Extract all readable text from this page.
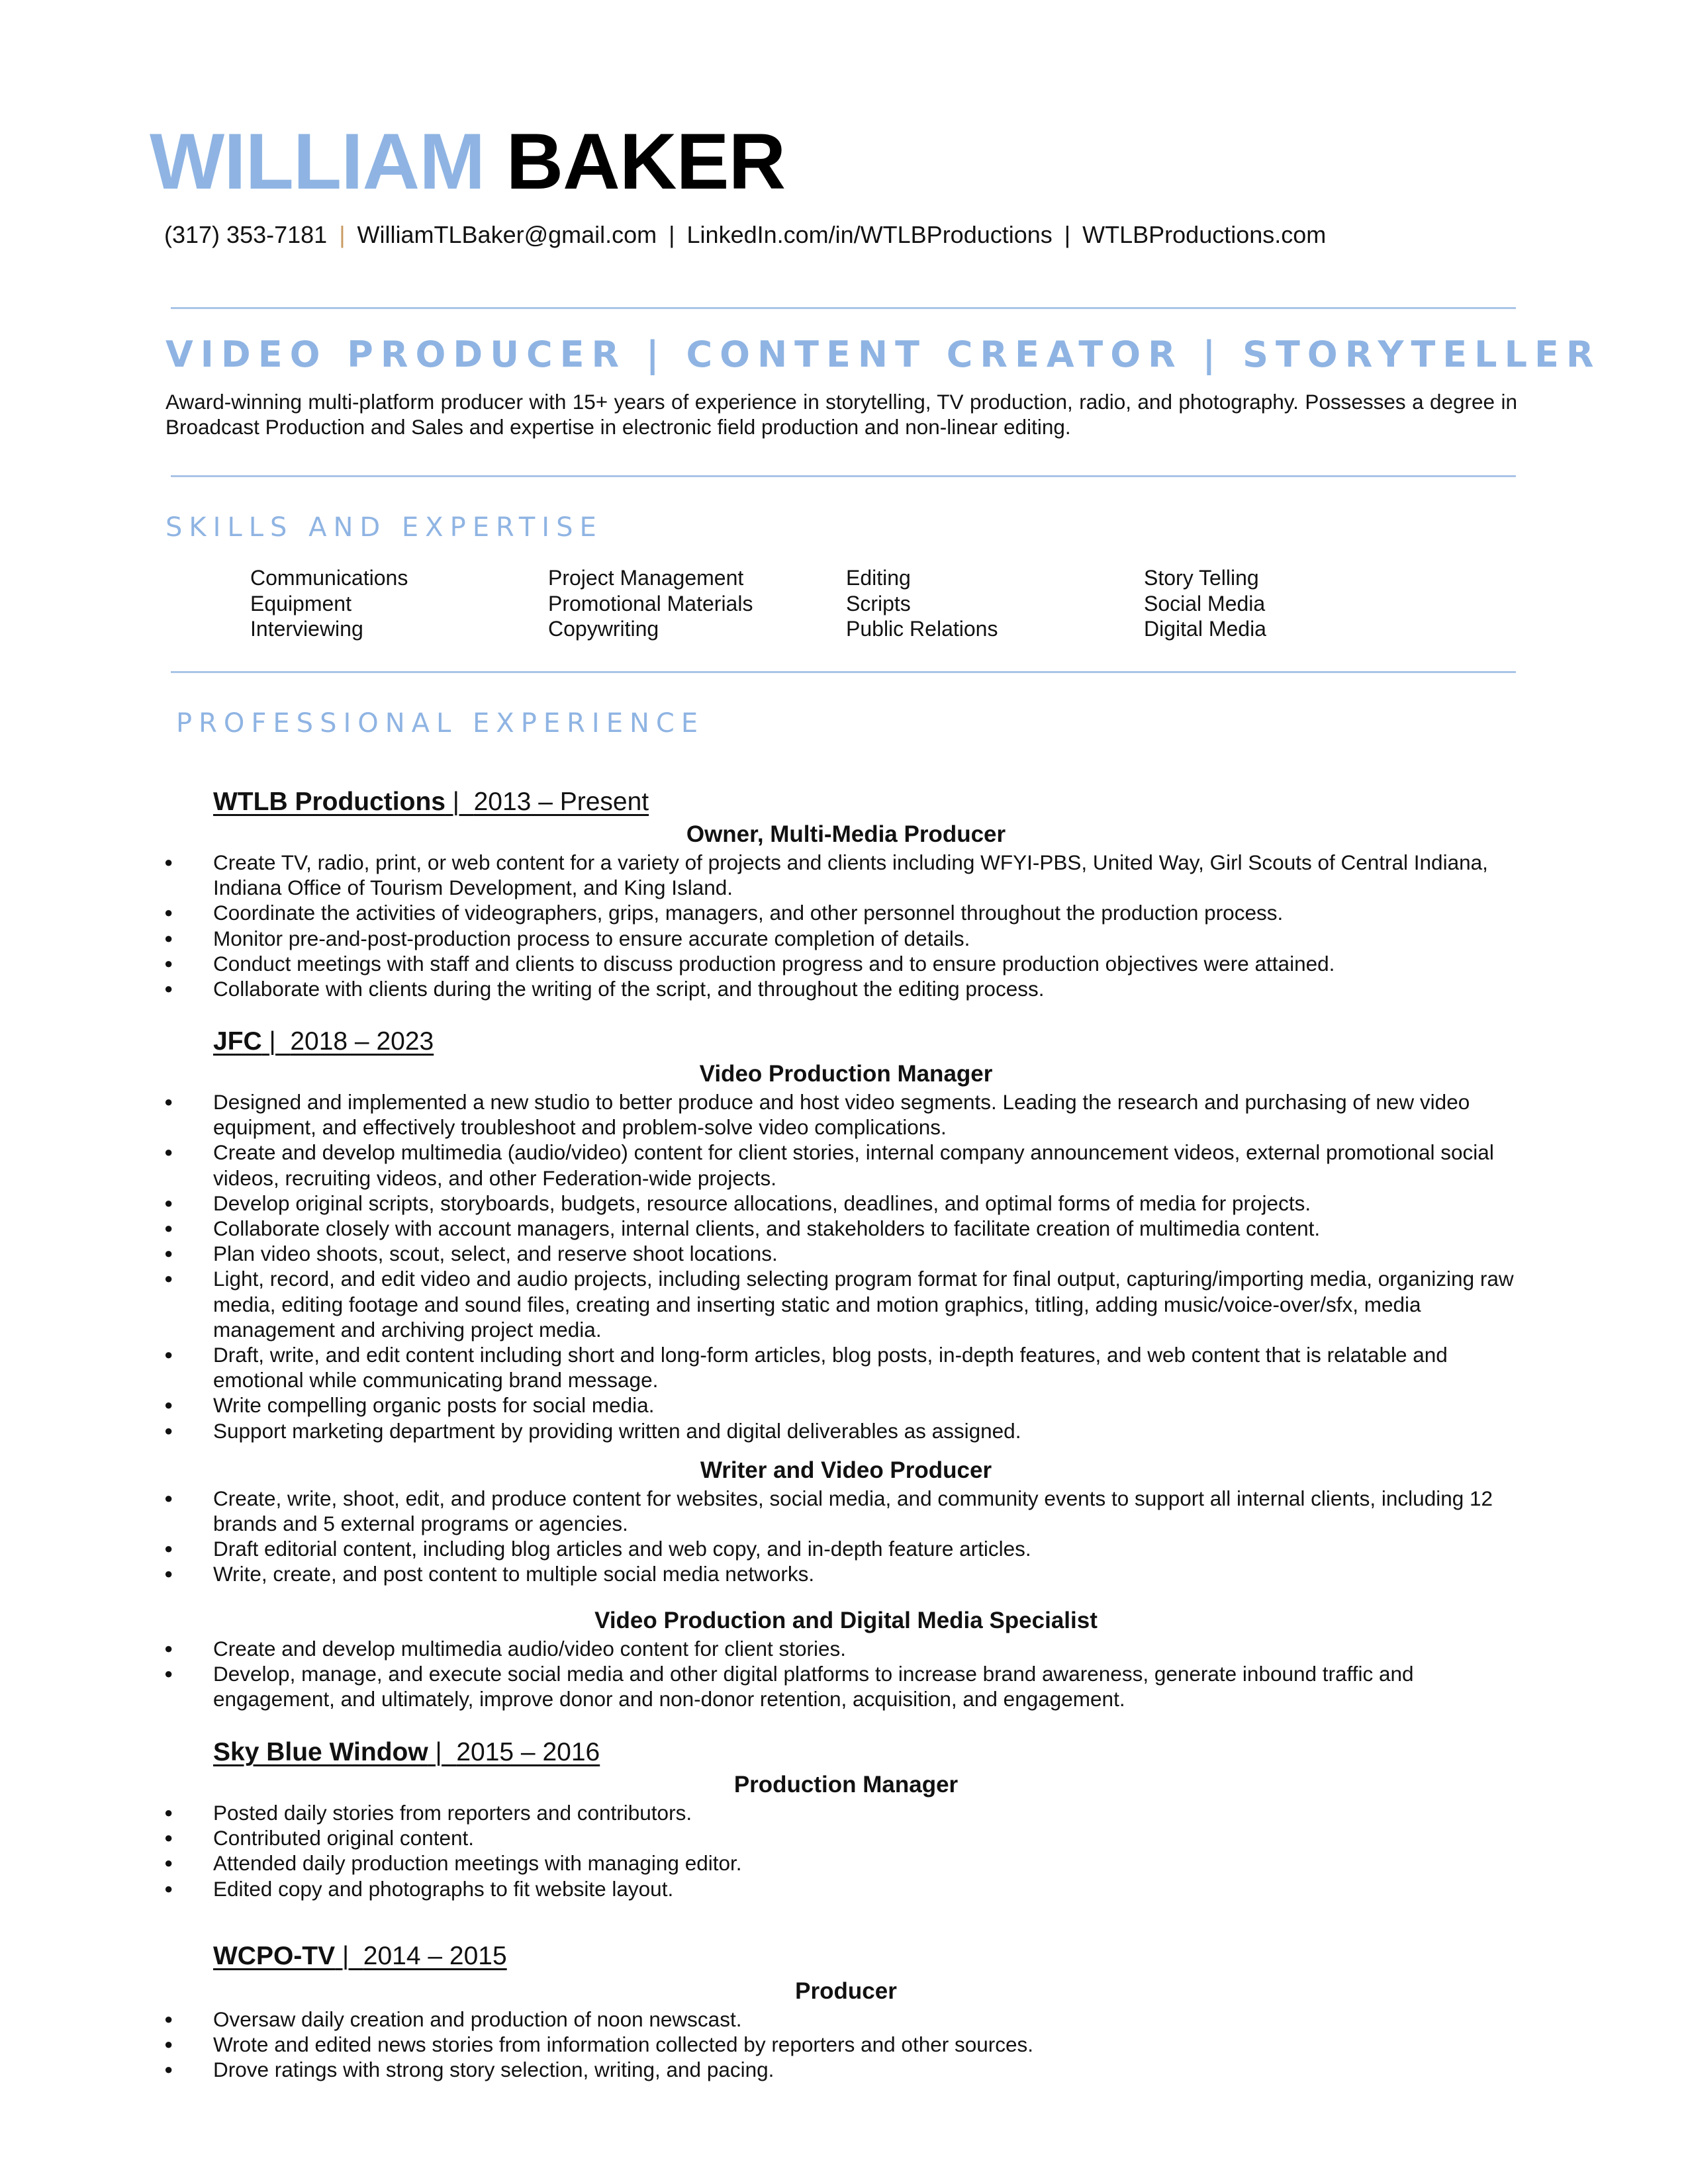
WILLIAM BAKER
(317) 353-7181 | WilliamTLBaker@gmail.com | LinkedIn.com/in/WTLBProductions | WTLBProductions.com
VIDEO PRODUCER | CONTENT CREATOR | STORYTELLER
Award-winning multi-platform producer with 15+ years of experience in storytelling, TV production, radio, and photography. Possesses a degree in Broadcast Production and Sales and expertise in electronic field production and non-linear editing.
SKILLS AND EXPERTISE
Communications
Equipment
Interviewing
Project Management
Promotional Materials
Copywriting
Editing
Scripts
Public Relations
Story Telling
Social Media
Digital Media
PROFESSIONAL EXPERIENCE
WTLB Productions |  2013 – Present
Owner, Multi-Media Producer
● Create TV, radio, print, or web content for a variety of projects and clients including WFYI-PBS, United Way, Girl Scouts of Central Indiana, Indiana Office of Tourism Development, and King Island.
● Coordinate the activities of videographers, grips, managers, and other personnel throughout the production process.
● Monitor pre-and-post-production process to ensure accurate completion of details.
● Conduct meetings with staff and clients to discuss production progress and to ensure production objectives were attained.
● Collaborate with clients during the writing of the script, and throughout the editing process.
JFC |  2018 – 2023
Video Production Manager
● Designed and implemented a new studio to better produce and host video segments. Leading the research and purchasing of new video equipment, and effectively troubleshoot and problem-solve video complications.
● Create and develop multimedia (audio/video) content for client stories, internal company announcement videos, external promotional social videos, recruiting videos, and other Federation-wide projects.
● Develop original scripts, storyboards, budgets, resource allocations, deadlines, and optimal forms of media for projects.
● Collaborate closely with account managers, internal clients, and stakeholders to facilitate creation of multimedia content.
● Plan video shoots, scout, select, and reserve shoot locations.
● Light, record, and edit video and audio projects, including selecting program format for final output, capturing/importing media, organizing raw media, editing footage and sound files, creating and inserting static and motion graphics, titling, adding music/voice-over/sfx, media management and archiving project media.
● Draft, write, and edit content including short and long-form articles, blog posts, in-depth features, and web content that is relatable and emotional while communicating brand message.
● Write compelling organic posts for social media.
● Support marketing department by providing written and digital deliverables as assigned.
Writer and Video Producer
● Create, write, shoot, edit, and produce content for websites, social media, and community events to support all internal clients, including 12 brands and 5 external programs or agencies.
● Draft editorial content, including blog articles and web copy, and in-depth feature articles.
● Write, create, and post content to multiple social media networks.
Video Production and Digital Media Specialist
● Create and develop multimedia audio/video content for client stories.
● Develop, manage, and execute social media and other digital platforms to increase brand awareness, generate inbound traffic and engagement, and ultimately, improve donor and non-donor retention, acquisition, and engagement.
Sky Blue Window |  2015 – 2016
Production Manager
● Posted daily stories from reporters and contributors.
● Contributed original content.
● Attended daily production meetings with managing editor.
● Edited copy and photographs to fit website layout.
WCPO-TV |  2014 – 2015
Producer
● Oversaw daily creation and production of noon newscast.
● Wrote and edited news stories from information collected by reporters and other sources.
● Drove ratings with strong story selection, writing, and pacing.
